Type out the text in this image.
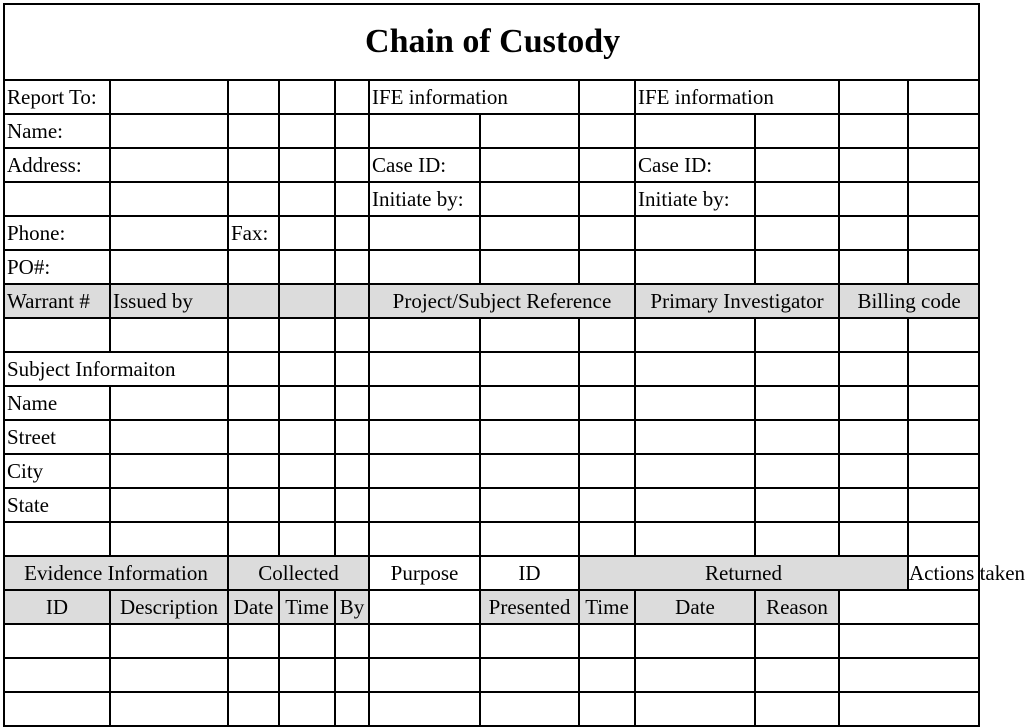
Chain of Custody											
Report To:					IFE information			IFE information			
Name:											
Address:					Case ID:			Case ID:			
					Initiate by:			Initiate by:			
Phone:		Fax:									
PO#:											
Warrant #	Issued by				Project/Subject Reference			Primary Investigator		Billing code	

Subject Informaiton											
Name											
Street											
City											
State											

Evidence Information		Collected			Purpose	ID	Returned				Actions taken
ID	Description	Date	Time	By		Presented	Time	Date	Reason		
